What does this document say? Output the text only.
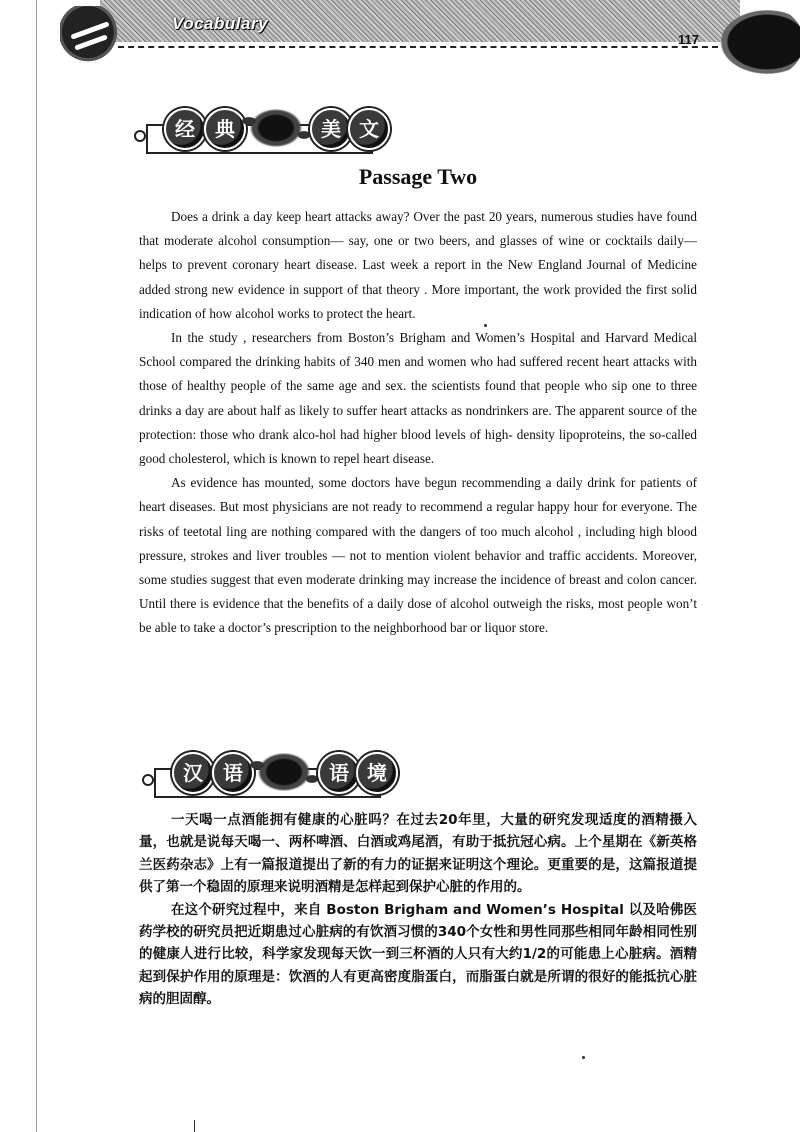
Vocabulary
117
经	典	美 文
Passage Two

Does a drink a day keep heart attacks away? Over the past 20 years, numerous studies have found that moderate alcohol consumption— say, one or two beers, and glasses of wine or cocktails daily— helps to prevent coronary heart disease. Last week a report in the New England Journal of Medicine added strong new evidence in support of that theory . More important, the work provided the first solid indication of how alcohol works to protect the heart.

In the study , researchers from Boston’s Brigham and Women’s Hospital and Harvard Medical School compared the drinking habits of 340 men and women who had suffered recent heart attacks with those of healthy people of the same age and sex. the scientists found that people who sip one to three drinks a day are about half as likely to suffer heart attacks as nondrinkers are. The apparent source of the protection: those who drank alco-hol had higher blood levels of high- density lipoproteins, the so-called good cholesterol, which is known to repel heart disease.

As evidence has mounted, some doctors have begun recommending a daily drink for patients of heart diseases. But most physicians are not ready to recommend a regular happy hour for everyone. The risks of teetotal ling are nothing compared with the dangers of too much alcohol , including high blood pressure, strokes and liver troubles — not to mention violent behavior and traffic accidents. Moreover, some studies suggest that even moderate drinking may increase the incidence of breast and colon cancer. Until there is evidence that the benefits of a daily dose of alcohol outweigh the risks, most people won’t be able to take a doctor’s prescription to the neighborhood bar or liquor store.

汉	语	语 境

一天喝一点酒能拥有健康的心脏吗？在过去20年里，大量的研究发现适度的酒精摄入量，也就是说每天喝一、两杯啤酒、白酒或鸡尾酒，有助于抵抗冠心病。上个星期在《新英格兰医药杂志》上有一篇报道提出了新的有力的证据来证明这个理论。更重要的是，这篇报道提供了第一个稳固的原理来说明酒精是怎样起到保护心脏的作用的。

在这个研究过程中，来自 Boston Brigham and Women’s Hospital 以及哈佛医药学校的研究员把近期患过心脏病的有饮酒习惯的340个女性和男性同那些相同年龄相同性别的健康人进行比较，科学家发现每天饮一到三杯酒的人只有大约1/2的可能患上心脏病。酒精起到保护作用的原理是：饮酒的人有更高密度脂蛋白，而脂蛋白就是所谓的很好的能抵抗心脏病的胆固醇。
